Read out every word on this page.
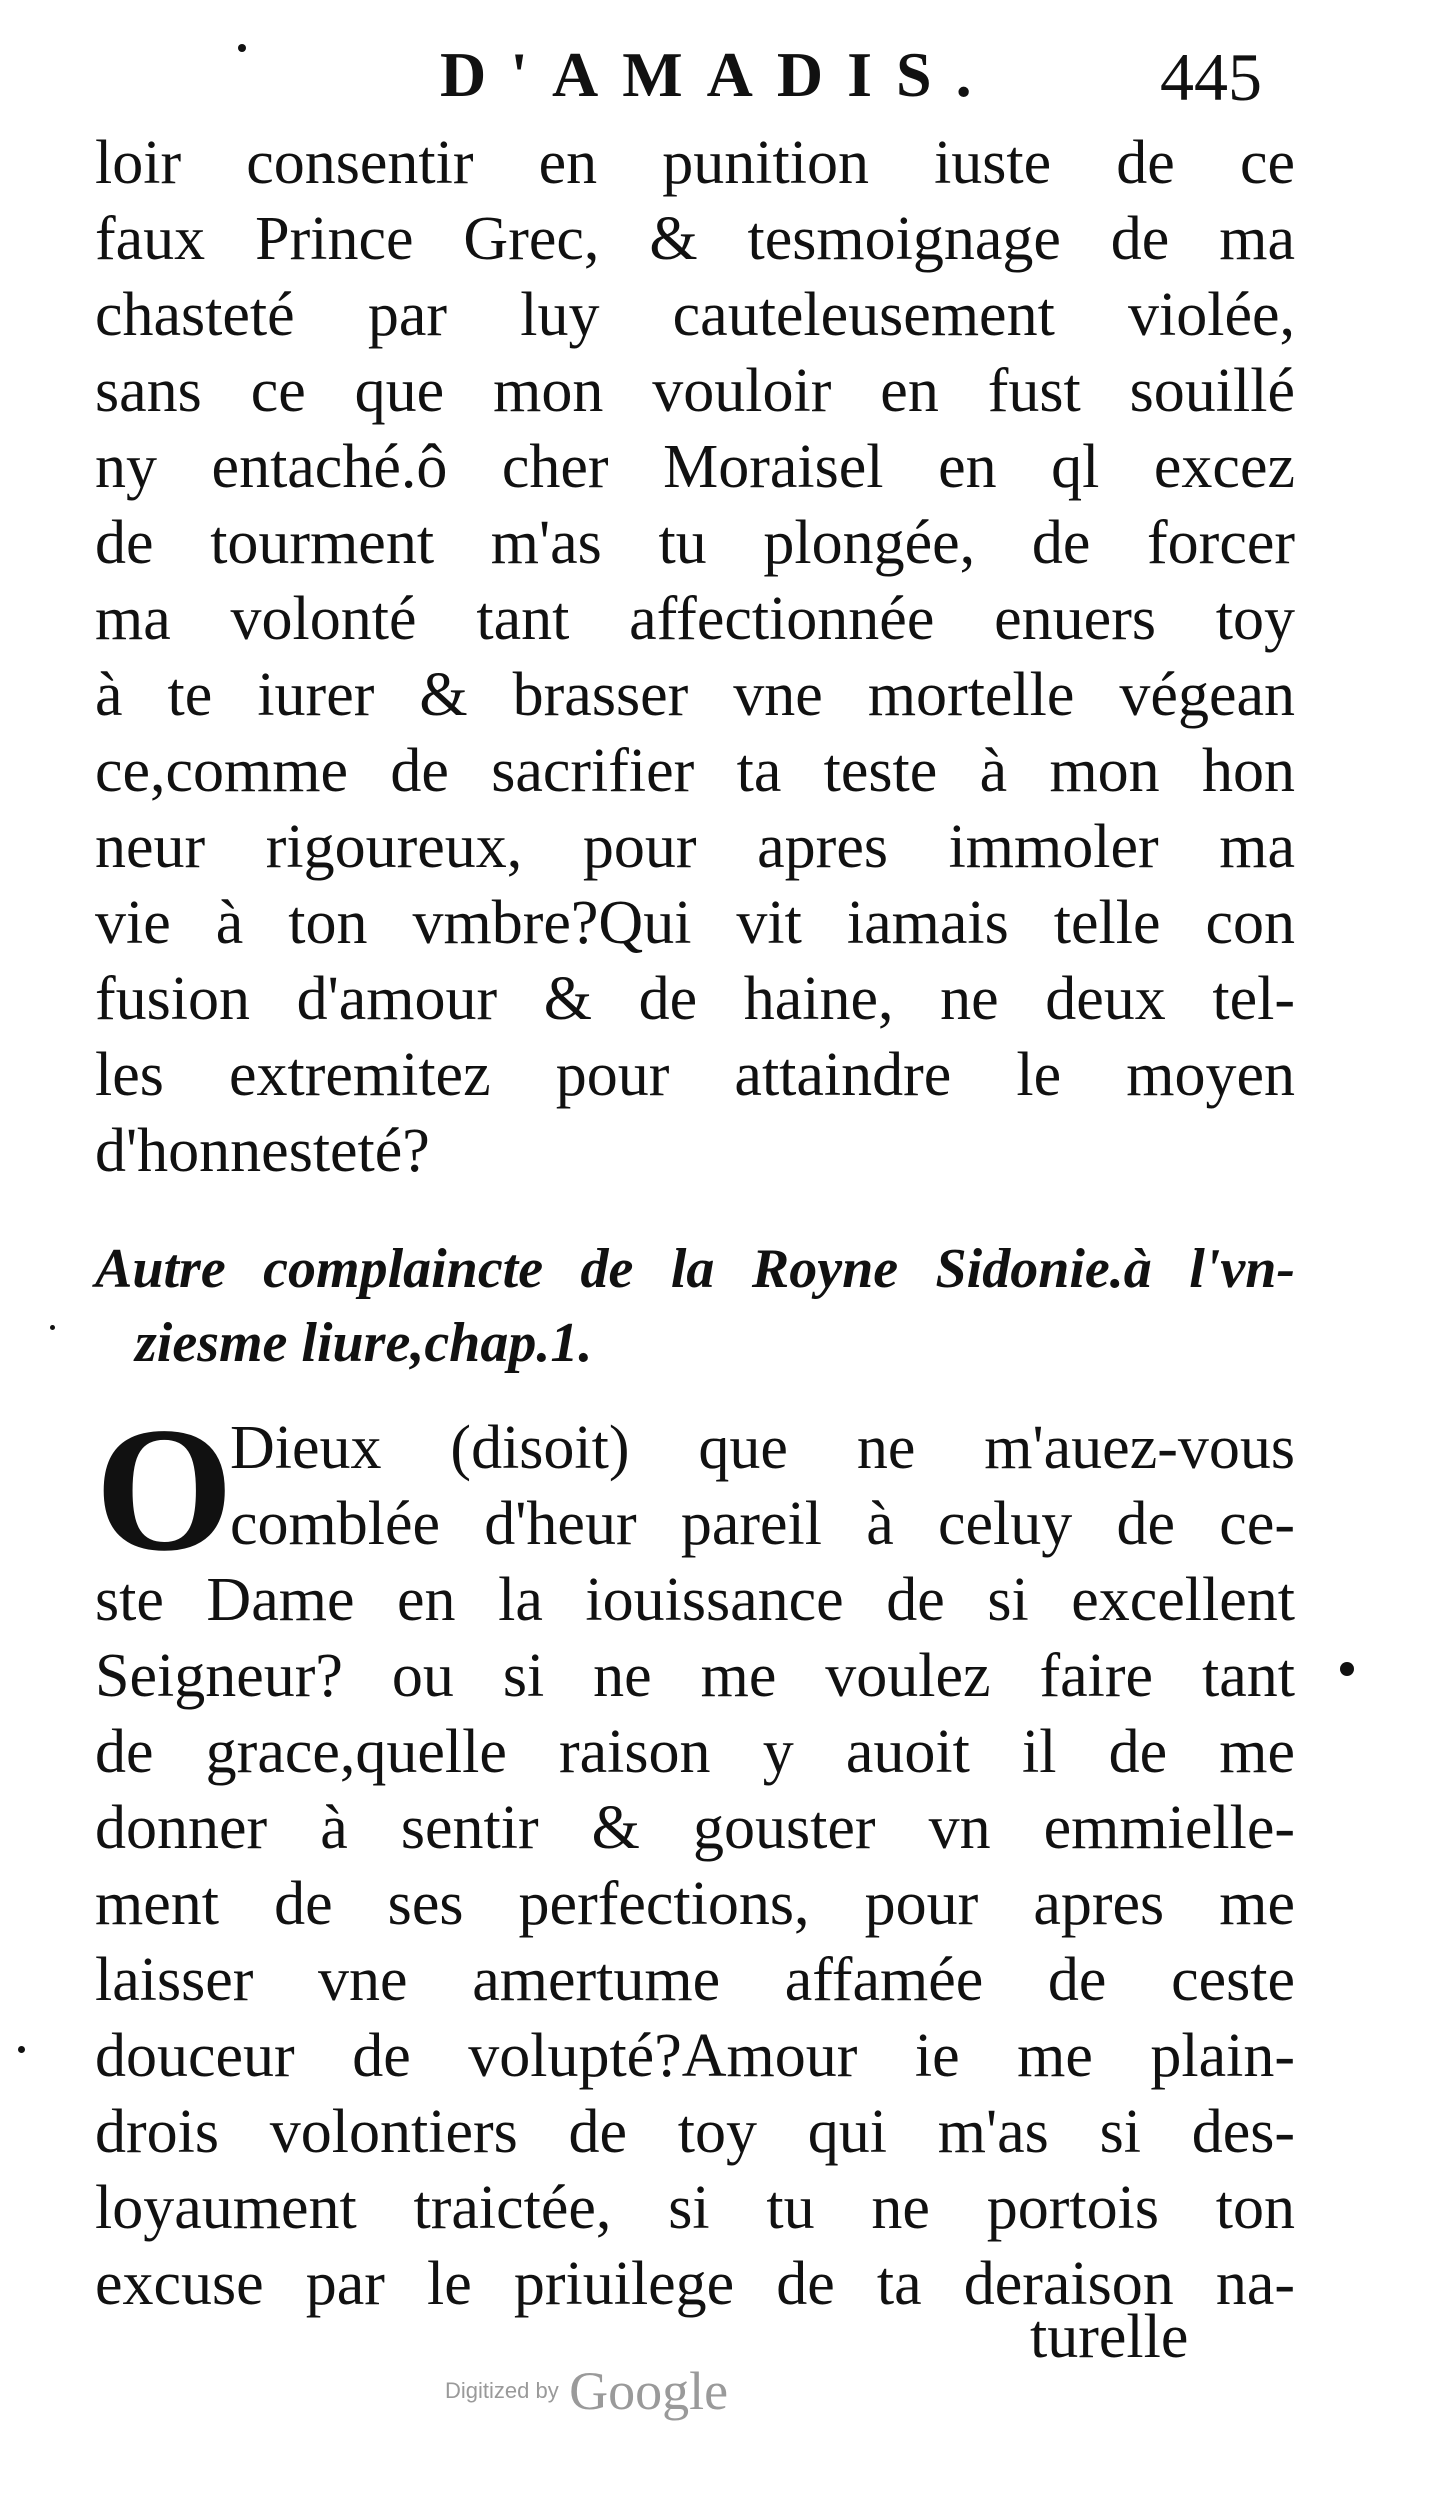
D'AMADIS. 445
loir consentir en punition iuste de ce
faux Prince Grec, & tesmoignage de ma
chasteté par luy cauteleusement violée,
sans ce que mon vouloir en fust souillé
ny entaché.ô cher Moraisel en ql excez
de tourment m'as tu plongée, de forcer
ma volonté tant affectionnée enuers toy
à te iurer & brasser vne mortelle végean
ce,comme de sacrifier ta teste à mon hon
neur rigoureux, pour apres immoler ma
vie à ton vmbre?Qui vit iamais telle con
fusion d'amour & de haine, ne deux tel-
les extremitez pour attaindre le moyen
d'honnesteté?
Autre complaincte de la Royne Sidonie.à l'vn-
ziesme liure,chap.1.
O
Dieux (disoit) que ne m'auez-vous
comblée d'heur pareil à celuy de ce-
ste Dame en la iouissance de si excellent
Seigneur? ou si ne me voulez faire tant
de grace,quelle raison y auoit il de me
donner à sentir & gouster vn emmielle-
ment de ses perfections, pour apres me
laisser vne amertume affamée de ceste
douceur de volupté?Amour ie me plain-
drois volontiers de toy qui m'as si des-
loyaument traictée, si tu ne portois ton
excuse par le priuilege de ta deraison na-
turelle
Digitized by Google
